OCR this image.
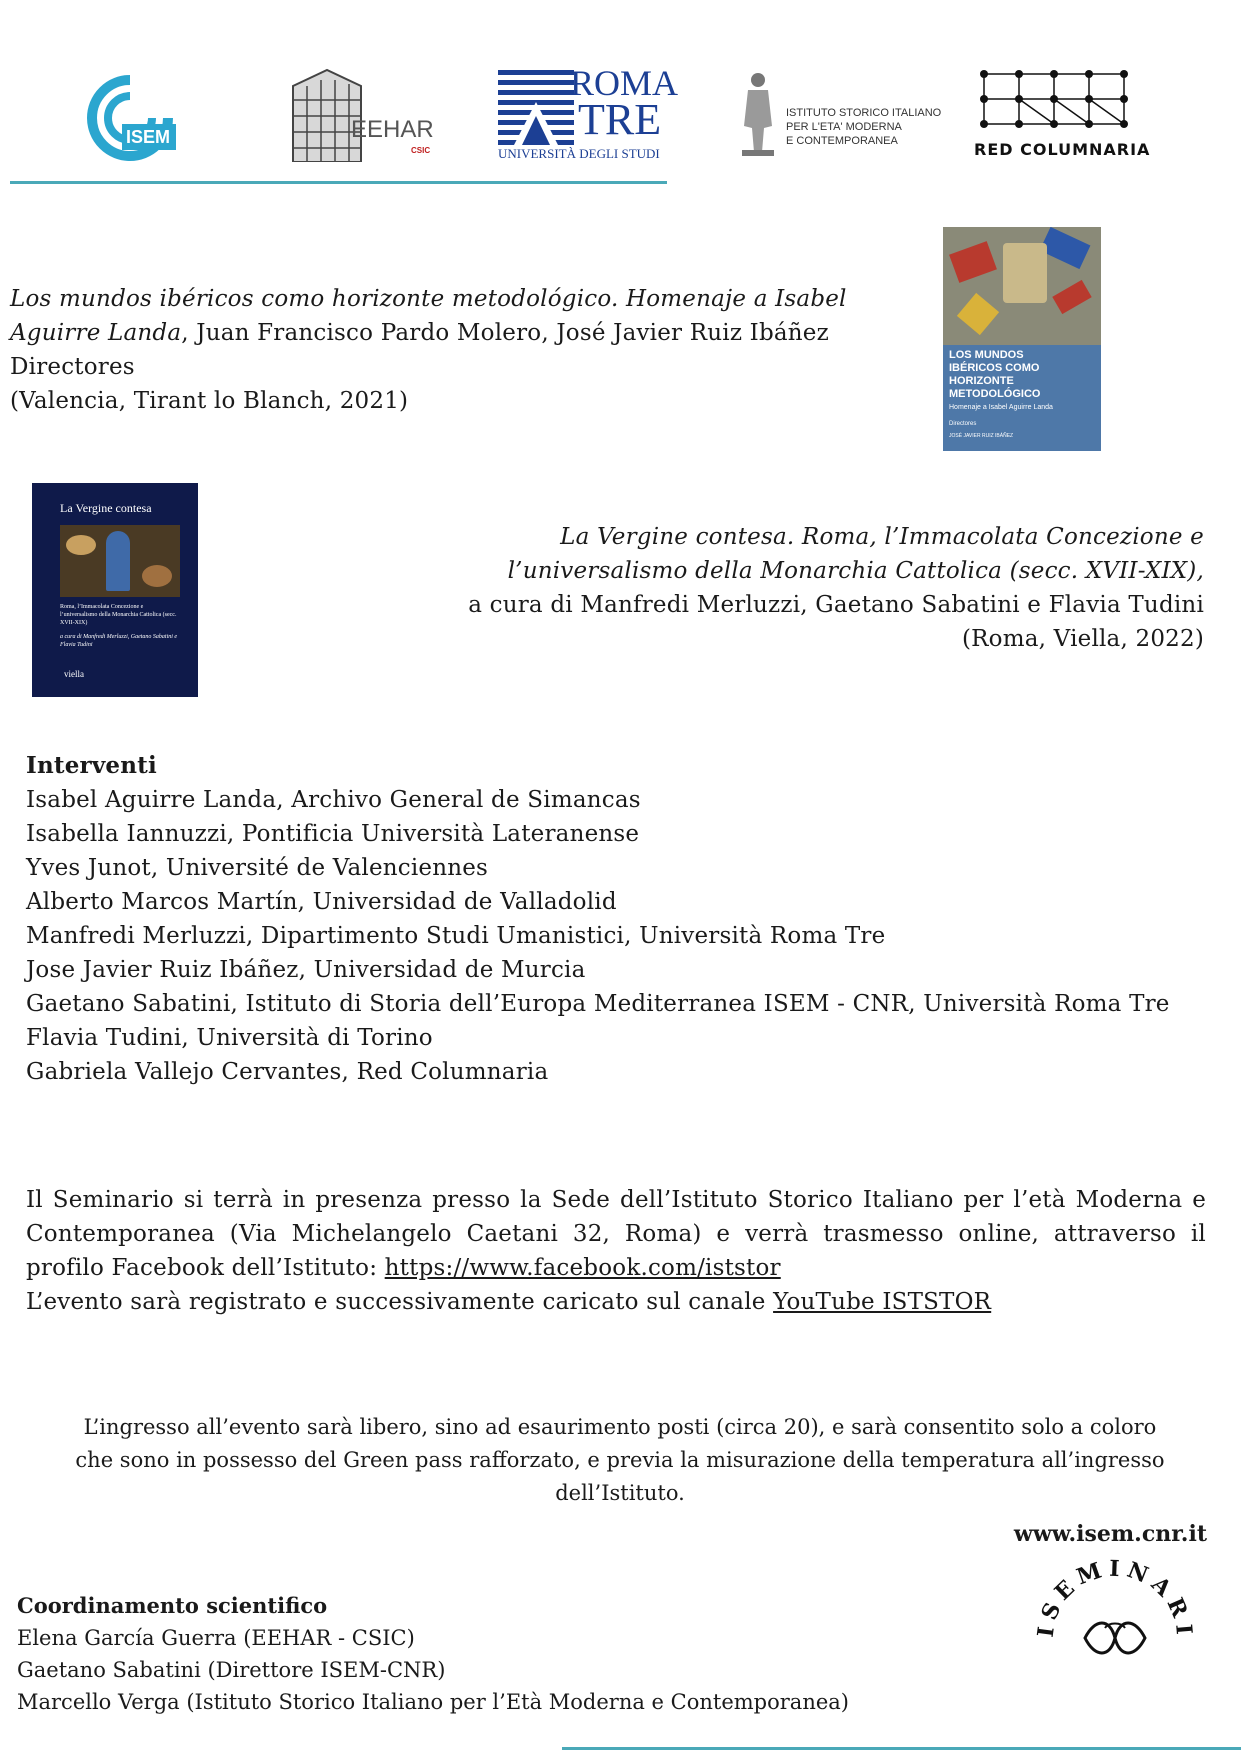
ISEM	EEHAR
CSIC
ROMA
TRE
UNIVERSITÀ DEGLI STUDI
ISTITUTO STORICO ITALIANO
PER L'ETA' MODERNA
E CONTEMPORANEA	RED COLUMNARIA
Los mundos ibéricos como horizonte metodológico. Homenaje a Isabel Aguirre Landa, Juan Francisco Pardo Molero, José Javier Ruiz Ibáñez Directores
(Valencia, Tirant lo Blanch, 2021)
LOS MUNDOS IBÉRICOS COMO HORIZONTE METODOLÓGICO
Homenaje a Isabel Aguirre Landa
Directores
JOSÉ JAVIER RUIZ IBÁÑEZ
La Vergine contesa
Roma, l’Immacolata Concezione e l’universalismo della Monarchia Cattolica (secc. XVII-XIX)
a cura di Manfredi Merluzzi, Gaetano Sabatini e Flavia Tudini
viella
La Vergine contesa. Roma, l’Immacolata Concezione e
l’universalismo della Monarchia Cattolica (secc. XVII-XIX),
a cura di Manfredi Merluzzi, Gaetano Sabatini e Flavia Tudini
(Roma, Viella, 2022)
Interventi
Isabel Aguirre Landa, Archivo General de Simancas
Isabella Iannuzzi, Pontificia Università Lateranense
Yves Junot, Université de Valenciennes
Alberto Marcos Martín, Universidad de Valladolid
Manfredi Merluzzi, Dipartimento Studi Umanistici, Università Roma Tre
Jose Javier Ruiz Ibáñez, Universidad de Murcia
Gaetano Sabatini, Istituto di Storia dell’Europa Mediterranea ISEM - CNR, Università Roma Tre
Flavia Tudini, Università di Torino
Gabriela Vallejo Cervantes, Red Columnaria
Il Seminario si terrà in presenza presso la Sede dell’Istituto Storico Italiano per l’età Moderna e
Contemporanea (Via Michelangelo Caetani 32, Roma) e verrà trasmesso online, attraverso il
profilo Facebook dell’Istituto: https://www.facebook.com/iststor
L’evento sarà registrato e successivamente caricato sul canale YouTube ISTSTOR
L’ingresso all’evento sarà libero, sino ad esaurimento posti (circa 20), e sarà consentito solo a coloro
che sono in possesso del Green pass rafforzato, e previa la misurazione della temperatura all’ingresso
dell’Istituto.
www.isem.cnr.it
Coordinamento scientifico
Elena García Guerra (EEHAR - CSIC)
Gaetano Sabatini (Direttore ISEM-CNR)
Marcello Verga (Istituto Storico Italiano per l’Età Moderna e Contemporanea)
ISEMINARI
